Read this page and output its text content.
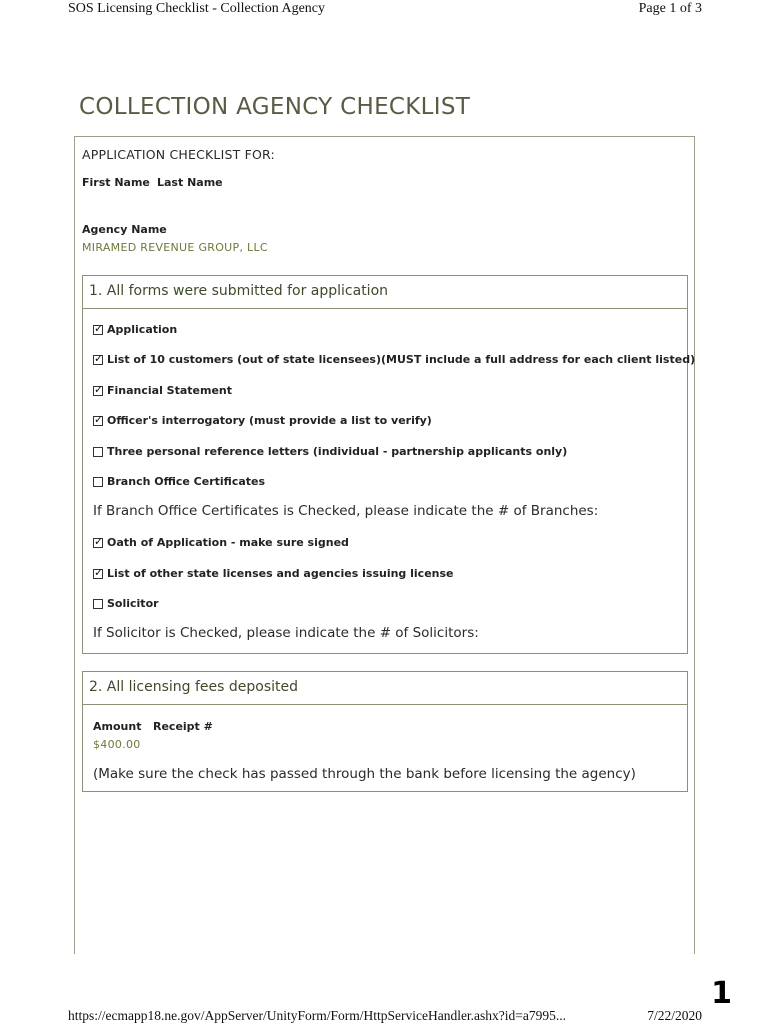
SOS Licensing Checklist - Collection Agency	Page 1 of 3
COLLECTION AGENCY CHECKLIST
APPLICATION CHECKLIST FOR:
First Name Last Name
Agency Name
MIRAMED REVENUE GROUP, LLC
1. All forms were submitted for application
✓
Application
✓
List of 10 customers (out of state licensees)(MUST include a full address for each client listed)
✓
Financial Statement
✓
Officer's interrogatory (must provide a list to verify)
Three personal reference letters (individual - partnership applicants only)
Branch Office Certificates
If Branch Office Certificates is Checked, please indicate the # of Branches:
✓
Oath of Application - make sure signed
✓
List of other state licenses and agencies issuing license
Solicitor
If Solicitor is Checked, please indicate the # of Solicitors:
2. All licensing fees deposited
Amount Receipt #
$400.00
(Make sure the check has passed through the bank before licensing the agency)
1
https://ecmapp18.ne.gov/AppServer/UnityForm/Form/HttpServiceHandler.ashx?id=a7995...	7/22/2020
